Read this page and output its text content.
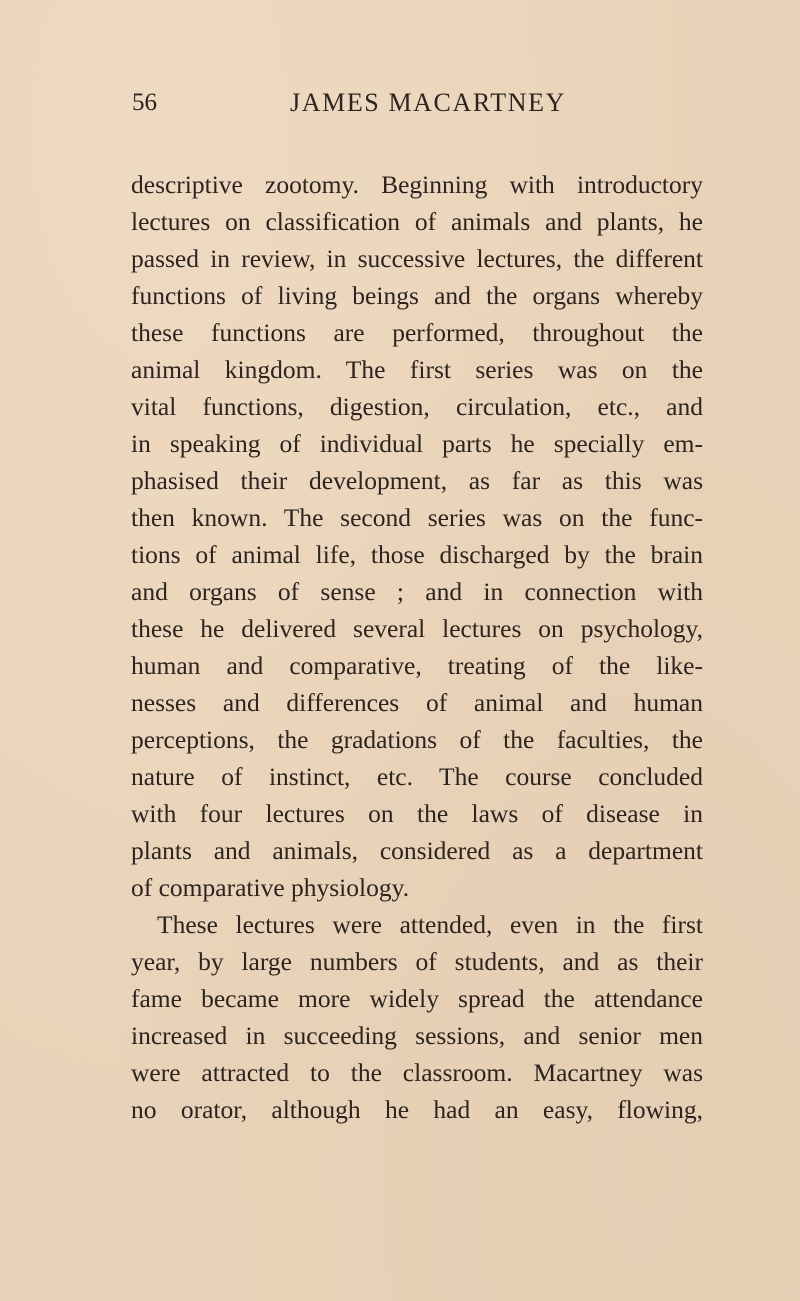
56	JAMES MACARTNEY
descriptive zootomy. Beginning with introductory
lectures on classification of animals and plants, he
passed in review, in successive lectures, the different
functions of living beings and the organs whereby
these functions are performed, throughout the
animal kingdom. The first series was on the
vital functions, digestion, circulation, etc., and
in speaking of individual parts he specially em-
phasised their development, as far as this was
then known. The second series was on the func-
tions of animal life, those discharged by the brain
and organs of sense ; and in connection with
these he delivered several lectures on psychology,
human and comparative, treating of the like-
nesses and differences of animal and human
perceptions, the gradations of the faculties, the
nature of instinct, etc. The course concluded
with four lectures on the laws of disease in
plants and animals, considered as a department
of comparative physiology.
These lectures were attended, even in the first
year, by large numbers of students, and as their
fame became more widely spread the attendance
increased in succeeding sessions, and senior men
were attracted to the classroom. Macartney was
no orator, although he had an easy, flowing,
